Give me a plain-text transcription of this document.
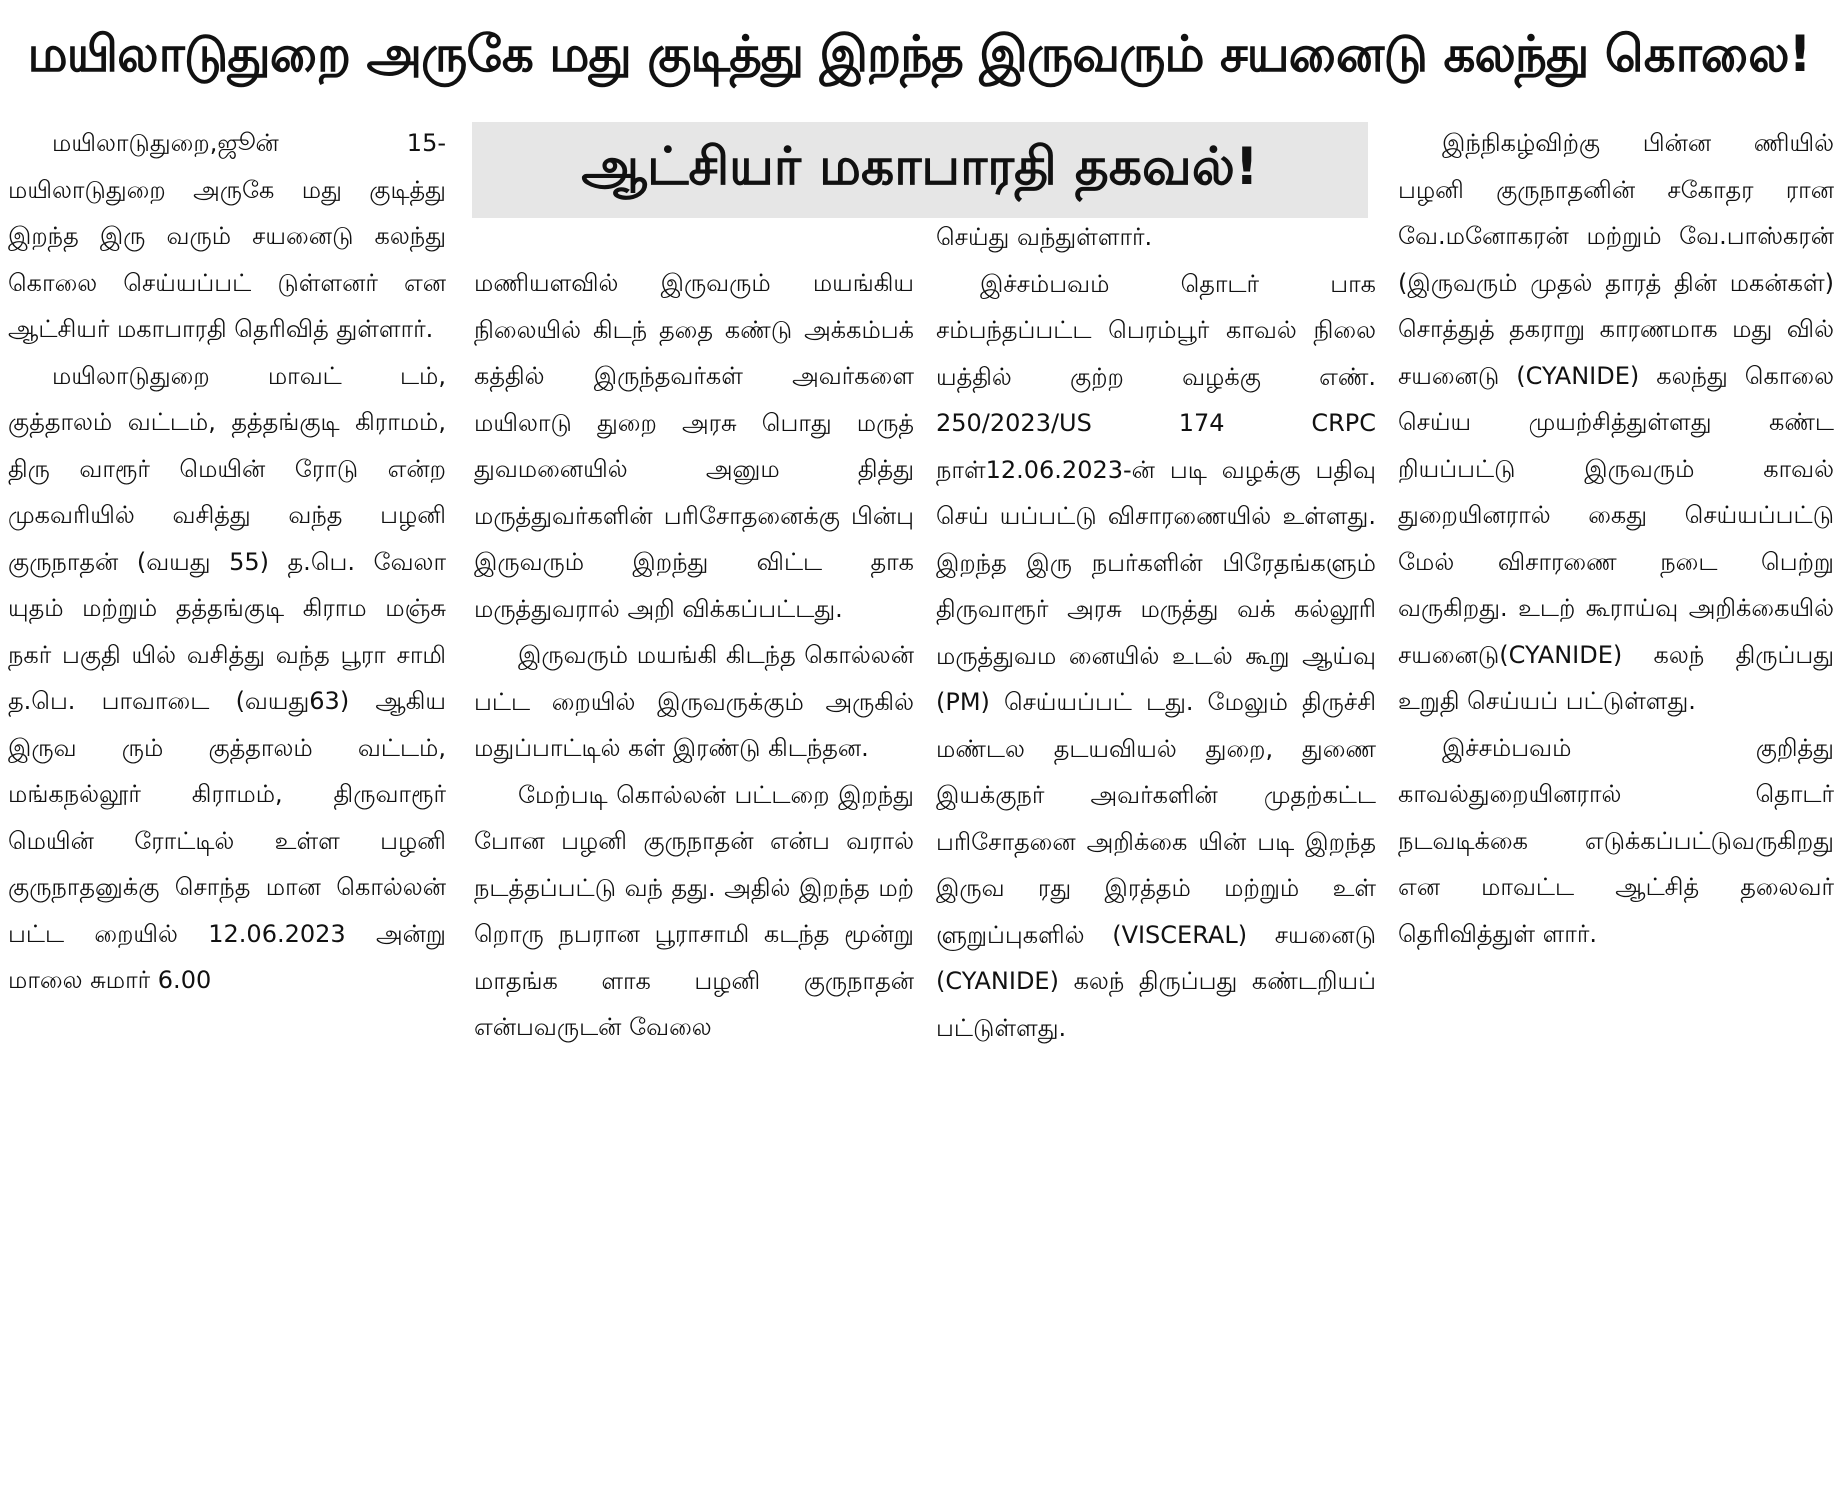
மயிலாடுதுறை அருகே மது குடித்து இறந்த இருவரும் சயனைடு கலந்து கொலை!
ஆட்சியர் மகாபாரதி தகவல்!

மயிலாடுதுறை,ஜூன் 15- மயிலாடுதுறை அருகே மது குடித்து இறந்த இரு வரும் சயனைடு கலந்து கொலை செய்யப்பட் டுள்ளனர் என ஆட்சியர் மகாபாரதி தெரிவித் துள்ளார்.

மயிலாடுதுறை மாவட் டம், குத்தாலம் வட்டம், தத்தங்குடி கிராமம், திரு வாரூர் மெயின் ரோடு என்ற முகவரியில் வசித்து வந்த பழனி குருநாதன் (வயது 55) த.பெ. வேலா யுதம் மற்றும் தத்தங்குடி கிராம மஞ்சு நகர் பகுதி யில் வசித்து வந்த பூரா சாமி த.பெ. பாவாடை (வயது63) ஆகிய இருவ ரும் குத்தாலம் வட்டம், மங்கநல்லூர் கிராமம், திருவாரூர் மெயின் ரோட்டில் உள்ள பழனி குருநாதனுக்கு சொந்த மான கொல்லன் பட்ட றையில் 12.06.2023 அன்று மாலை சுமார் 6.00

மணியளவில் இருவரும் மயங்கிய நிலையில் கிடந் ததை கண்டு அக்கம்பக் கத்தில் இருந்தவர்கள் அவர்களை மயிலாடு துறை அரசு பொது மருத் துவமனையில் அனும தித்து மருத்துவர்களின் பரிசோதனைக்கு பின்பு இருவரும் இறந்து விட்ட தாக மருத்துவரால் அறி விக்கப்பட்டது.

இருவரும் மயங்கி கிடந்த கொல்லன் பட்ட றையில் இருவருக்கும் அருகில் மதுப்பாட்டில் கள் இரண்டு கிடந்தன.

மேற்படி கொல்லன் பட்டறை இறந்து போன பழனி குருநாதன் என்ப வரால் நடத்தப்பட்டு வந் தது. அதில் இறந்த மற் றொரு நபரான பூராசாமி கடந்த மூன்று மாதங்க ளாக பழனி குருநாதன் என்பவருடன் வேலை

செய்து வந்துள்ளார்.

இச்சம்பவம் தொடர் பாக சம்பந்தப்பட்ட பெரம்பூர் காவல் நிலை யத்தில் குற்ற வழக்கு எண். 250/2023/US 174 CRPC நாள்12.06.2023-ன் படி வழக்கு பதிவு செய் யப்பட்டு விசாரணையில் உள்ளது. இறந்த இரு நபர்களின் பிரேதங்களும் திருவாரூர் அரசு மருத்து வக் கல்லூரி மருத்துவம னையில் உடல் கூறு ஆய்வு (PM) செய்யப்பட் டது. மேலும் திருச்சி மண்டல தடயவியல் துறை, துணை இயக்குநர் அவர்களின் முதற்கட்ட பரிசோதனை அறிக்கை யின் படி இறந்த இருவ ரது இரத்தம் மற்றும் உள் ளுறுப்புகளில் (VISCERAL) சயனைடு (CYANIDE) கலந் திருப்பது கண்டறியப் பட்டுள்ளது.

இந்நிகழ்விற்கு பின்ன ணியில் பழனி குருநாதனின் சகோதர ரான வே.மனோகரன் மற்றும் வே.பாஸ்கரன் (இருவரும் முதல் தாரத் தின் மகன்கள்) சொத்துத் தகராறு காரணமாக மது வில் சயனைடு (CYANIDE) கலந்து கொலை செய்ய முயற்சித்துள்ளது கண்ட றியப்பட்டு இருவரும் காவல் துறையினரால் கைது செய்யப்பட்டு மேல் விசாரணை நடை பெற்று வருகிறது. உடற் கூராய்வு அறிக்கையில் சயனைடு(CYANIDE) கலந் திருப்பது உறுதி செய்யப் பட்டுள்ளது.

இச்சம்பவம் குறித்து காவல்துறையினரால் தொடர் நடவடிக்கை எடுக்கப்பட்டுவருகிறது என மாவட்ட ஆட்சித் தலைவர் தெரிவித்துள் ளார்.
